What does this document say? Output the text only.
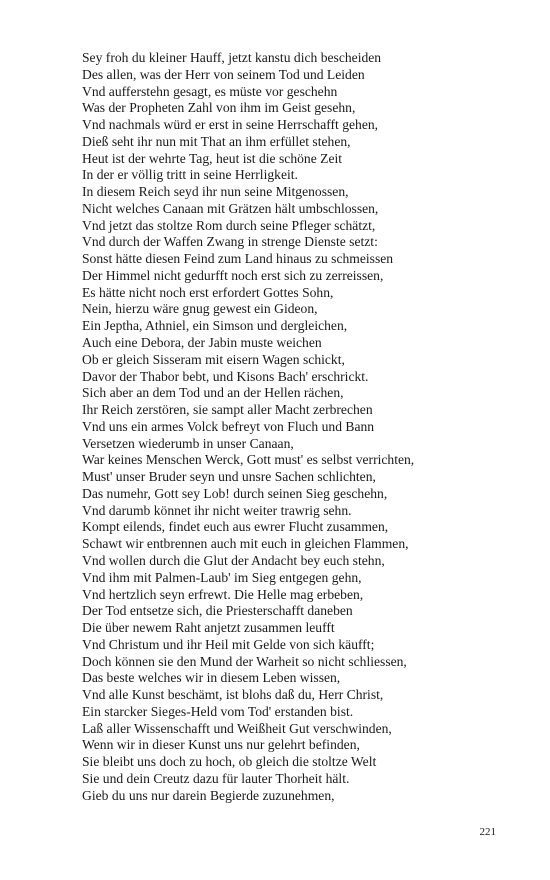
Sey froh du kleiner Hauff, jetzt kanstu dich bescheiden
Des allen, was der Herr von seinem Tod und Leiden
Vnd aufferstehn gesagt, es müste vor geschehn
Was der Propheten Zahl von ihm im Geist gesehn,
Vnd nachmals würd er erst in seine Herrschafft gehen,
Dieß seht ihr nun mit That an ihm erfüllet stehen,
Heut ist der wehrte Tag, heut ist die schöne Zeit
In der er völlig tritt in seine Herrligkeit.
In diesem Reich seyd ihr nun seine Mitgenossen,
Nicht welches Canaan mit Grätzen hält umbschlossen,
Vnd jetzt das stoltze Rom durch seine Pfleger schätzt,
Vnd durch der Waffen Zwang in strenge Dienste setzt:
Sonst hätte diesen Feind zum Land hinaus zu schmeissen
Der Himmel nicht gedurfft noch erst sich zu zerreissen,
Es hätte nicht noch erst erfordert Gottes Sohn,
Nein, hierzu wäre gnug gewest ein Gideon,
Ein Jeptha, Athniel, ein Simson und dergleichen,
Auch eine Debora, der Jabin muste weichen
Ob er gleich Sisseram mit eisern Wagen schickt,
Davor der Thabor bebt, und Kisons Bach' erschrickt.
Sich aber an dem Tod und an der Hellen rächen,
Ihr Reich zerstören, sie sampt aller Macht zerbrechen
Vnd uns ein armes Volck befreyt von Fluch und Bann
Versetzen wiederumb in unser Canaan,
War keines Menschen Werck, Gott must' es selbst verrichten,
Must' unser Bruder seyn und unsre Sachen schlichten,
Das numehr, Gott sey Lob! durch seinen Sieg geschehn,
Vnd darumb könnet ihr nicht weiter trawrig sehn.
Kompt eilends, findet euch aus ewrer Flucht zusammen,
Schawt wir entbrennen auch mit euch in gleichen Flammen,
Vnd wollen durch die Glut der Andacht bey euch stehn,
Vnd ihm mit Palmen-Laub' im Sieg entgegen gehn,
Vnd hertzlich seyn erfrewt. Die Helle mag erbeben,
Der Tod entsetze sich, die Priesterschafft daneben
Die über newem Raht anjetzt zusammen leufft
Vnd Christum und ihr Heil mit Gelde von sich käufft;
Doch können sie den Mund der Warheit so nicht schliessen,
Das beste welches wir in diesem Leben wissen,
Vnd alle Kunst beschämt, ist blohs daß du, Herr Christ,
Ein starcker Sieges-Held vom Tod' erstanden bist.
Laß aller Wissenschafft und Weißheit Gut verschwinden,
Wenn wir in dieser Kunst uns nur gelehrt befinden,
Sie bleibt uns doch zu hoch, ob gleich die stoltze Welt
Sie und dein Creutz dazu für lauter Thorheit hält.
Gieb du uns nur darein Begierde zuzunehmen,
221
